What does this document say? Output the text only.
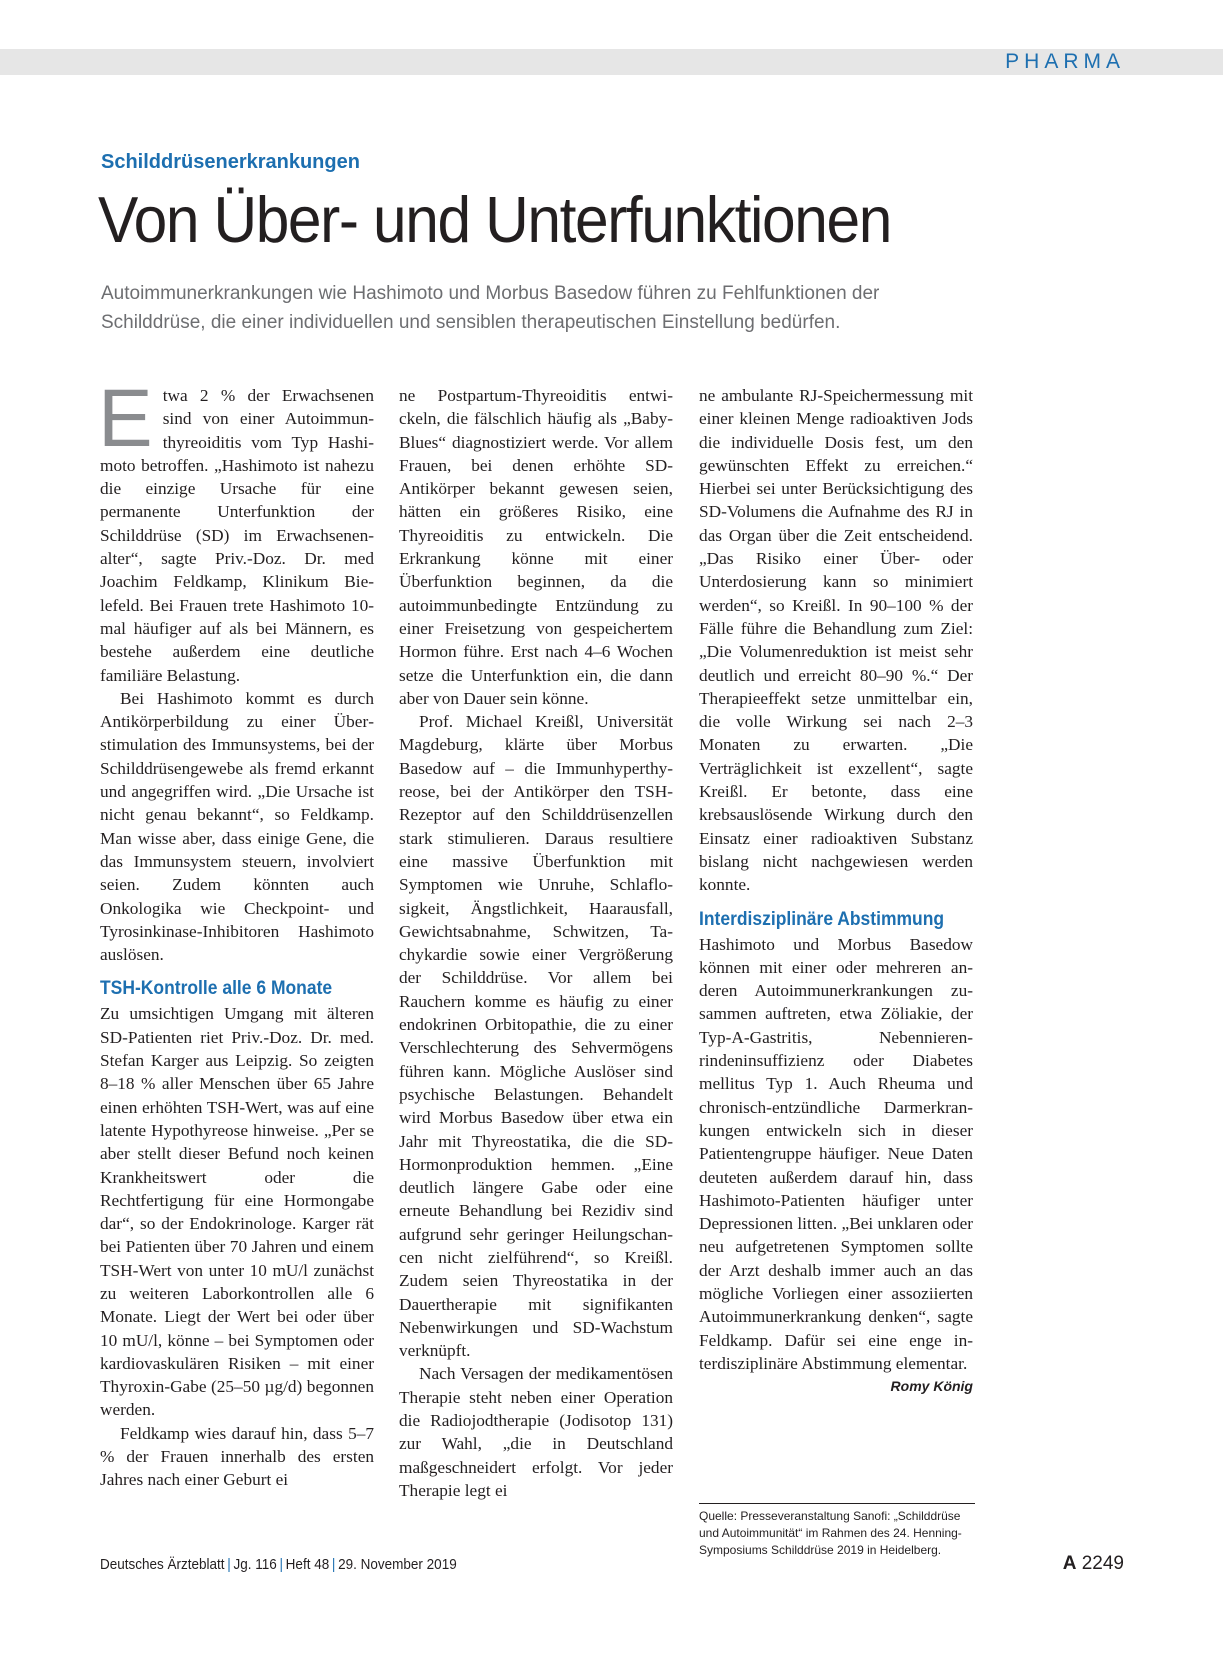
PHARMA
Schilddrüsenerkrankungen
Von Über- und Unterfunktionen
Autoimmunerkrankungen wie Hashimoto und Morbus Basedow führen zu Fehlfunktionen der Schilddrüse, die einer individuellen und sensiblen therapeutischen Einstellung bedürfen.

Etwa 2 % der Erwachsenen sind von einer Autoimmunthyreoiditis vom Typ Hashimoto betroffen. „Hashimoto ist nahezu die einzige Ursache für eine permanente Unterfunktion der Schilddrüse (SD) im Erwachsenenalter“, sagte Priv.-Doz. Dr. med Joachim Feldkamp, Klinikum Bielefeld. Bei Frauen trete Hashimoto 10-mal häufiger auf als bei Männern, es bestehe außerdem eine deutliche familiäre Belastung.

Bei Hashimoto kommt es durch Antikörperbildung zu einer Überstimulation des Immunsystems, bei der Schilddrüsengewebe als fremd erkannt und angegriffen wird. „Die Ursache ist nicht genau bekannt“, so Feldkamp. Man wisse aber, dass einige Gene, die das Immunsystem steuern, involviert seien. Zudem könnten auch Onkologika wie Checkpoint- und Tyrosinkinase-Inhibitoren Hashimoto auslösen.

TSH-Kontrolle alle 6 Monate

Zu umsichtigen Umgang mit älteren SD-Patienten riet Priv.-Doz. Dr. med. Stefan Karger aus Leipzig. So zeigten 8–18 % aller Menschen über 65 Jahre einen erhöhten TSH-Wert, was auf eine latente Hypothyreose hinweise. „Per se aber stellt dieser Befund noch keinen Krankheitswert oder die Rechtfertigung für eine Hormongabe dar“, so der Endokrinologe. Karger rät bei Patienten über 70 Jahren und einem TSH-Wert von unter 10 mU/l zunächst zu weiteren Laborkontrollen alle 6 Monate. Liegt der Wert bei oder über 10 mU/l, könne – bei Symptomen oder kardiovaskulären Risiken – mit einer Thyroxin-Gabe (25–50 µg/d) begonnen werden.

Feldkamp wies darauf hin, dass 5–7 % der Frauen innerhalb des ersten Jahres nach einer Geburt ei

ne Postpartum-Thyreoiditis entwickeln, die fälschlich häufig als „Baby-Blues“ diagnostiziert werde. Vor allem Frauen, bei denen erhöhte SD-Antikörper bekannt gewesen seien, hätten ein größeres Risiko, eine Thyreoiditis zu entwickeln. Die Erkrankung könne mit einer Überfunktion beginnen, da die autoimmunbedingte Entzündung zu einer Freisetzung von gespeichertem Hormon führe. Erst nach 4–6 Wochen setze die Unterfunktion ein, die dann aber von Dauer sein könne.

Prof. Michael Kreißl, Universität Magdeburg, klärte über Morbus Basedow auf – die Immunhyperthyreose, bei der Antikörper den TSH-Rezeptor auf den Schilddrüsenzellen stark stimulieren. Daraus resultiere eine massive Überfunktion mit Symptomen wie Unruhe, Schlaflosigkeit, Ängstlichkeit, Haarausfall, Gewichtsabnahme, Schwitzen, Tachykardie sowie einer Vergrößerung der Schilddrüse. Vor allem bei Rauchern komme es häufig zu einer endokrinen Orbitopathie, die zu einer Verschlechterung des Sehvermögens führen kann. Mögliche Auslöser sind psychische Belastungen. Behandelt wird Morbus Basedow über etwa ein Jahr mit Thyreostatika, die die SD-Hormonproduktion hemmen. „Eine deutlich längere Gabe oder eine erneute Behandlung bei Rezidiv sind aufgrund sehr geringer Heilungschancen nicht zielführend“, so Kreißl. Zudem seien Thyreostatika in der Dauertherapie mit signifikanten Nebenwirkungen und SD-Wachstum verknüpft.

Nach Versagen der medikamentösen Therapie steht neben einer Operation die Radiojodtherapie (Jodisotop 131) zur Wahl, „die in Deutschland maßgeschneidert erfolgt. Vor jeder Therapie legt ei

ne ambulante RJ-Speichermessung mit einer kleinen Menge radioaktiven Jods die individuelle Dosis fest, um den gewünschten Effekt zu erreichen.“ Hierbei sei unter Berücksichtigung des SD-Volumens die Aufnahme des RJ in das Organ über die Zeit entscheidend. „Das Risiko einer Über- oder Unterdosierung kann so minimiert werden“, so Kreißl. In 90–100 % der Fälle führe die Behandlung zum Ziel: „Die Volumenreduktion ist meist sehr deutlich und erreicht 80–90 %.“ Der Therapieeffekt setze unmittelbar ein, die volle Wirkung sei nach 2–3 Monaten zu erwarten. „Die Verträglichkeit ist exzellent“, sagte Kreißl. Er betonte, dass eine krebsauslösende Wirkung durch den Einsatz einer radioaktiven Substanz bislang nicht nachgewiesen werden konnte.

Interdisziplinäre Abstimmung

Hashimoto und Morbus Basedow können mit einer oder mehreren anderen Autoimmunerkrankungen zusammen auftreten, etwa Zöliakie, der Typ-A-Gastritis, Nebennierenrindeninsuffizienz oder Diabetes mellitus Typ 1. Auch Rheuma und chronisch-entzündliche Darmerkrankungen entwickeln sich in dieser Patientengruppe häufiger. Neue Daten deuteten außerdem darauf hin, dass Hashimoto-Patienten häufiger unter Depressionen litten. „Bei unklaren oder neu aufgetretenen Symptomen sollte der Arzt deshalb immer auch an das mögliche Vorliegen einer assoziierten Autoimmunerkrankung denken“, sagte Feldkamp. Dafür sei eine enge interdisziplinäre Abstimmung elementar.
Romy König

Quelle: Presseveranstaltung Sanofi: „Schilddrüse und Autoimmunität“ im Rahmen des 24. Henning-Symposiums Schilddrüse 2019 in Heidelberg.
Deutsches Ärzteblatt | Jg. 116 | Heft 48 | 29. November 2019	A 2249
